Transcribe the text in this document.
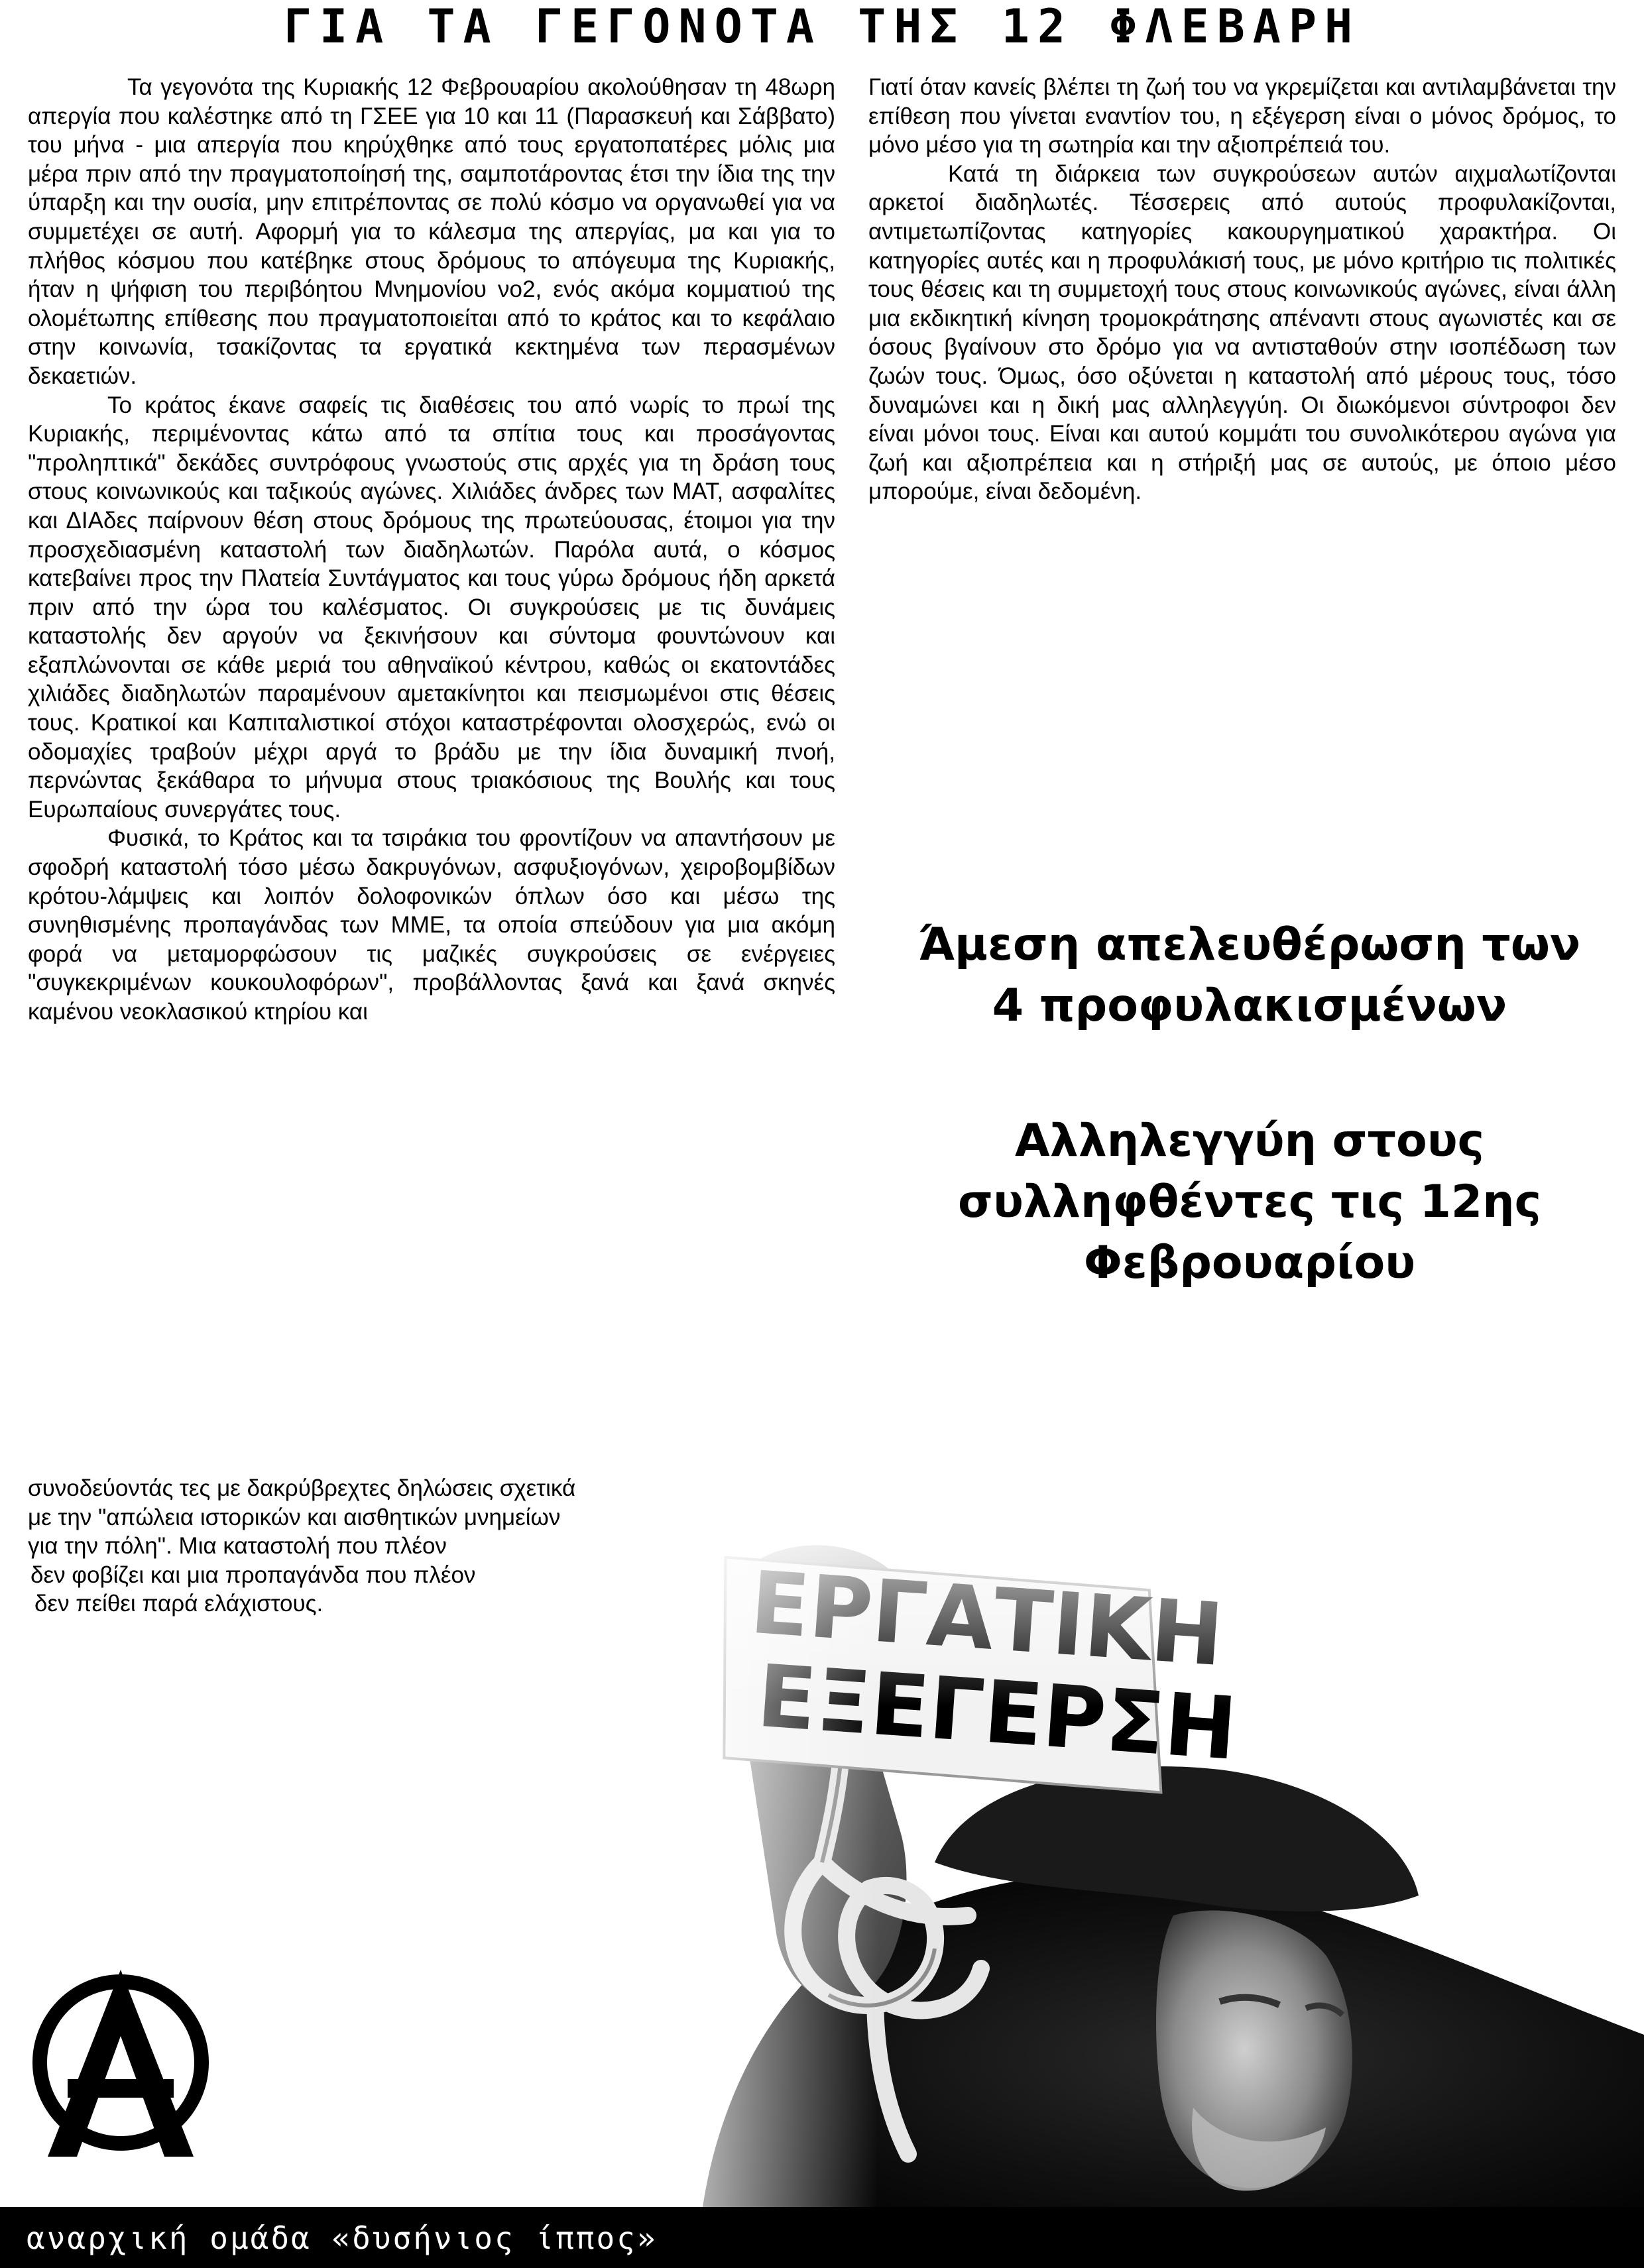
ΓΙΑ ΤΑ ΓΕΓΟΝΟΤΑ ΤΗΣ 12 ΦΛΕΒΑΡΗ

Τα γεγονότα της Κυριακής 12 Φεβρουαρίου ακολούθησαν τη 48ωρη απεργία που καλέστηκε από τη ΓΣΕΕ για 10 και 11 (Παρασκευή και Σάββατο) του μήνα - μια απεργία που κηρύχθηκε από τους εργατοπατέρες μόλις μια μέρα πριν από την πραγματοποίησή της, σαμποτάροντας έτσι την ίδια της την ύπαρξη και την ουσία, μην επιτρέποντας σε πολύ κόσμο να οργανωθεί για να συμμετέχει σε αυτή. Αφορμή για το κάλεσμα της απεργίας, μα και για το πλήθος κόσμου που κατέβηκε στους δρόμους το απόγευμα της Κυριακής, ήταν η ψήφιση του περιβόητου Μνημονίου νο2, ενός ακόμα κομματιού της ολομέτωπης επίθεσης που πραγματοποιείται από το κράτος και το κεφάλαιο στην κοινωνία, τσακίζοντας τα εργατικά κεκτημένα των περασμένων δεκαετιών.

Το κράτος έκανε σαφείς τις διαθέσεις του από νωρίς το πρωί της Κυριακής, περιμένοντας κάτω από τα σπίτια τους και προσάγοντας "προληπτικά" δεκάδες συντρόφους γνωστούς στις αρχές για τη δράση τους στους κοινωνικούς και ταξικούς αγώνες. Χιλιάδες άνδρες των ΜΑΤ, ασφαλίτες και ΔΙΑδες παίρνουν θέση στους δρόμους της πρωτεύουσας, έτοιμοι για την προσχεδιασμένη καταστολή των διαδηλωτών. Παρόλα αυτά, ο κόσμος κατεβαίνει προς την Πλατεία Συντάγματος και τους γύρω δρόμους ήδη αρκετά πριν από την ώρα του καλέσματος. Οι συγκρούσεις με τις δυνάμεις καταστολής δεν αργούν να ξεκινήσουν και σύντομα φουντώνουν και εξαπλώνονται σε κάθε μεριά του αθηναϊκού κέντρου, καθώς οι εκατοντάδες χιλιάδες διαδηλωτών παραμένουν αμετακίνητοι και πεισμωμένοι στις θέσεις τους. Κρατικοί και Καπιταλιστικοί στόχοι καταστρέφονται ολοσχερώς, ενώ οι οδομαχίες τραβούν μέχρι αργά το βράδυ με την ίδια δυναμική πνοή, περνώντας ξεκάθαρα το μήνυμα στους τριακόσιους της Βουλής και τους Ευρωπαίους συνεργάτες τους.

Φυσικά, το Κράτος και τα τσιράκια του φροντίζουν να απαντήσουν με σφοδρή καταστολή τόσο μέσω δακρυγόνων, ασφυξιογόνων, χειροβομβίδων κρότου-λάμψεις και λοιπόν δολοφονικών όπλων όσο και μέσω της συνηθισμένης προπαγάνδας των ΜΜΕ, τα οποία σπεύδουν για μια ακόμη φορά να μεταμορφώσουν τις μαζικές συγκρούσεις σε ενέργειες "συγκεκριμένων κουκουλοφόρων", προβάλλοντας ξανά και ξανά σκηνές καμένου νεοκλασικού κτηρίου και

συνοδεύοντάς τες με δακρύβρεχτες δηλώσεις σχετικά
με την "απώλεια ιστορικών και αισθητικών μνημείων
για την πόλη". Μια καταστολή που πλέον
δεν φοβίζει και μια προπαγάνδα που πλέον
δεν πείθει παρά ελάχιστους.

Γιατί όταν κανείς βλέπει τη ζωή του να γκρεμίζεται και αντιλαμβάνεται την επίθεση που γίνεται εναντίον του, η εξέγερση είναι ο μόνος δρόμος, το μόνο μέσο για τη σωτηρία και την αξιοπρέπειά του.

Κατά τη διάρκεια των συγκρούσεων αυτών αιχμαλωτίζονται αρκετοί διαδηλωτές. Τέσσερεις από αυτούς προφυλακίζονται, αντιμετωπίζοντας κατηγορίες κακουργηματικού χαρακτήρα. Οι κατηγορίες αυτές και η προφυλάκισή τους, με μόνο κριτήριο τις πολιτικές τους θέσεις και τη συμμετοχή τους στους κοινωνικούς αγώνες, είναι άλλη μια εκδικητική κίνηση τρομοκράτησης απέναντι στους αγωνιστές και σε όσους βγαίνουν στο δρόμο για να αντισταθούν στην ισοπέδωση των ζωών τους. Όμως, όσο οξύνεται η καταστολή από μέρους τους, τόσο δυναμώνει και η δική μας αλληλεγγύη. Οι διωκόμενοι σύντροφοι δεν είναι μόνοι τους. Είναι και αυτού κομμάτι του συνολικότερου αγώνα για ζωή και αξιοπρέπεια και η στήριξή μας σε αυτούς, με όποιο μέσο μπορούμε, είναι δεδομένη.

Άμεση απελευθέρωση των
4 προφυλακισμένων
Αλληλεγγύη στους
συλληφθέντες τις 12ης
Φεβρουαρίου
αναρχική ομάδα «δυσήνιος ίππος»
